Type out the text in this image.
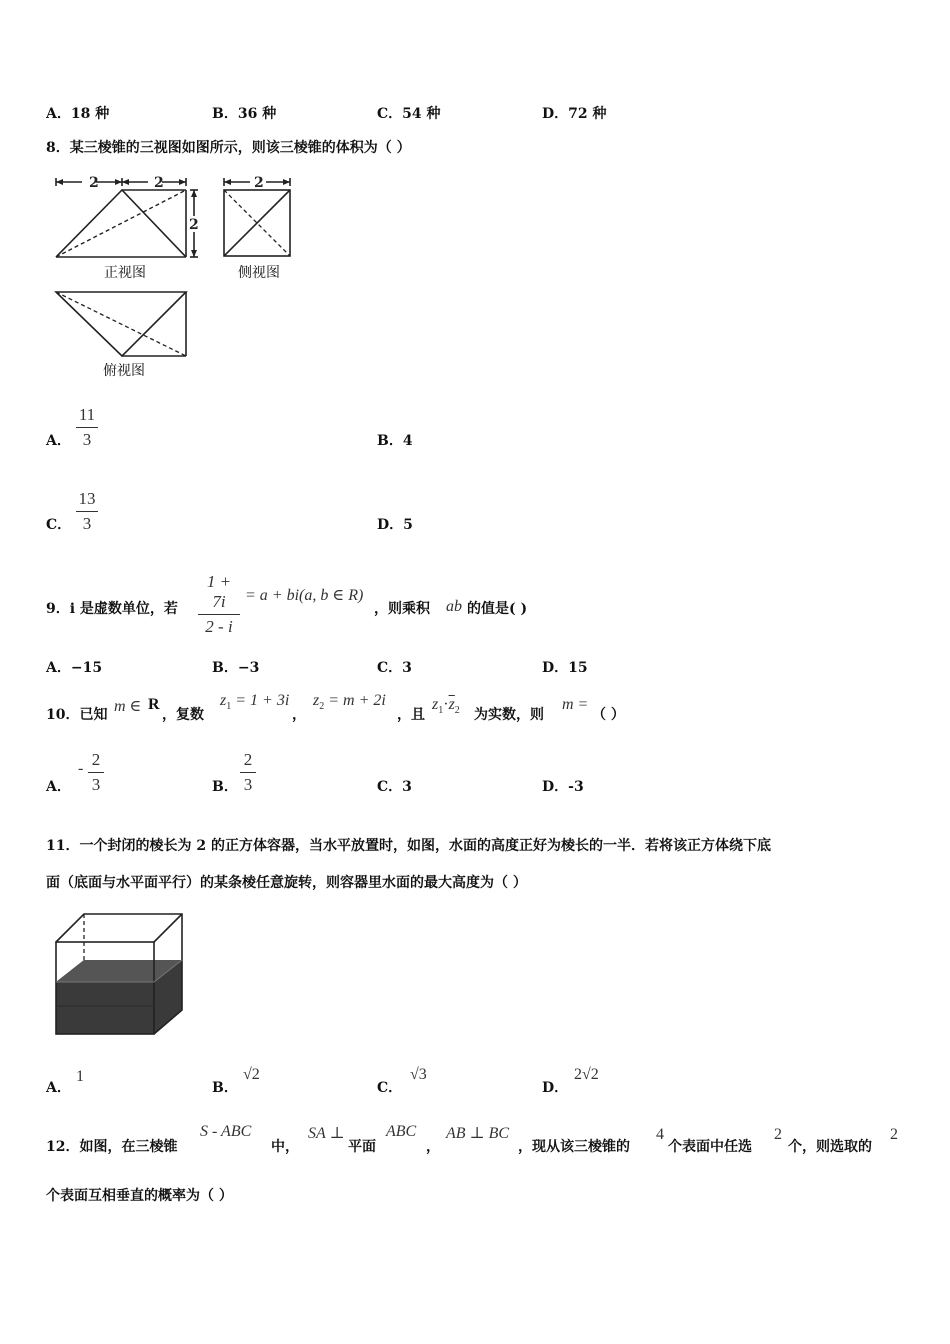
A．18 种	B．36 种	C．54 种	D．72 种
8．某三棱锥的三视图如图所示，则该三棱锥的体积为（ ）
2	2
2
正视图
2
侧视图
俯视图
A．
11
3	B．4
C．
13
3	D．5
9．i 是虚数单位，若
1 + 7i
2 - i
= a + bi(a, b ∈ R)
，则乘积 ab 的值是( )
A．−15	B．−3	C．3	D．15
10．已知 m ∈ R
，复数
$z_1 = 1 + 3i$
，
$z_2 = m + 2i$
，且
$z_1\cdot\overline{z}_2$ 为实数，则
m =
（ ）
A．
- 2
3	B．
2
3	C．3	D．-3
11．一个封闭的棱长为 2 的正方体容器，当水平放置时，如图，水面的高度正好为棱长的一半．若将该正方体绕下底
面（底面与水平面平行）的某条棱任意旋转，则容器里水面的最大高度为（ ）
A．
1
B．
√2
C．
√3
D．
2√2
12．如图，在三棱锥
S - ABC
中，
SA ⊥
平面
ABC
，
AB ⊥ BC
，现从该三棱锥的
4
个表面中任选
2
个，则选取的
2
个表面互相垂直的概率为（ ）
